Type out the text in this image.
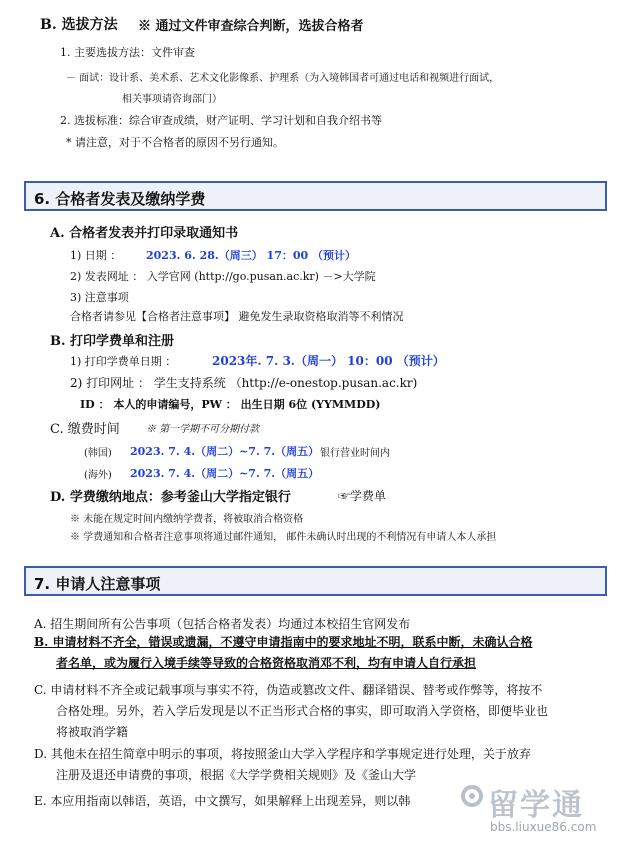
B. 选拔方法 ※ 通过文件审查综合判断，选拔合格者
1. 主要选拔方法：文件审查
－ 面试：设计系、美术系、艺术文化影像系、护理系（为入境韩国者可通过电话和视频进行面试，
相关事项请咨询部门）
2. 选拔标准：综合审查成绩，财产证明、学习计划和自我介绍书等
* 请注意，对于不合格者的原因不另行通知。
6. 合格者发表及缴纳学费
A. 合格者发表并打印录取通知书
1) 日期 ： 2023. 6. 28.（周三） 17：00 （预计）
2) 发表网址 ： 入学官网 (http://go.pusan.ac.kr) －>大学院
3) 注意事项
合格者请参见【合格者注意事项】 避免发生录取资格取消等不利情况
B. 打印学费单和注册
1) 打印学费单日期 ：	2023年. 7. 3.（周一） 10：00 （预计）
2) 打印网址 ： 学生支持系统 （http://e-onestop.pusan.ac.kr)
ID ： 本人的申请编号，PW ： 出生日期 6位 (YYMMDD)
C. 缴费时间	※ 第一学期不可分期付款
(韩国) 2023. 7. 4.（周二）~7. 7.（周五） 银行营业时间内
(海外) 2023. 7. 4.（周二）~7. 7.（周五）
D. 学费缴纳地点：参考釜山大学指定银行	☞学费单
※ 未能在规定时间内缴纳学费者，将被取消合格资格
※ 学费通知和合格者注意事项将通过邮件通知， 邮件未确认时出现的不利情况有申请人本人承担
7. 申请人注意事项
A. 招生期间所有公告事项（包括合格者发表）均通过本校招生官网发布
B. 申请材料不齐全，错误或遗漏，不遵守申请指南中的要求地址不明，联系中断，未确认合格
者名单，或为履行入境手续等导致的合格资格取消邓不利，均有申请人自行承担
C. 申请材料不齐全或记载事项与事实不符，伪造或篡改文件、翻译错误、替考或作弊等，将按不
合格处理。另外，若入学后发现是以不正当形式合格的事实，即可取消入学资格，即便毕业也
将被取消学籍
D. 其他未在招生简章中明示的事项，将按照釜山大学入学程序和学事规定进行处理，关于放弃
注册及退还申请费的事项，根据《大学学费相关规则》及《釜山大学
E. 本应用指南以韩语，英语，中文撰写，如果解释上出现差异，则以韩	留学通
bbs.liuxue86.com
